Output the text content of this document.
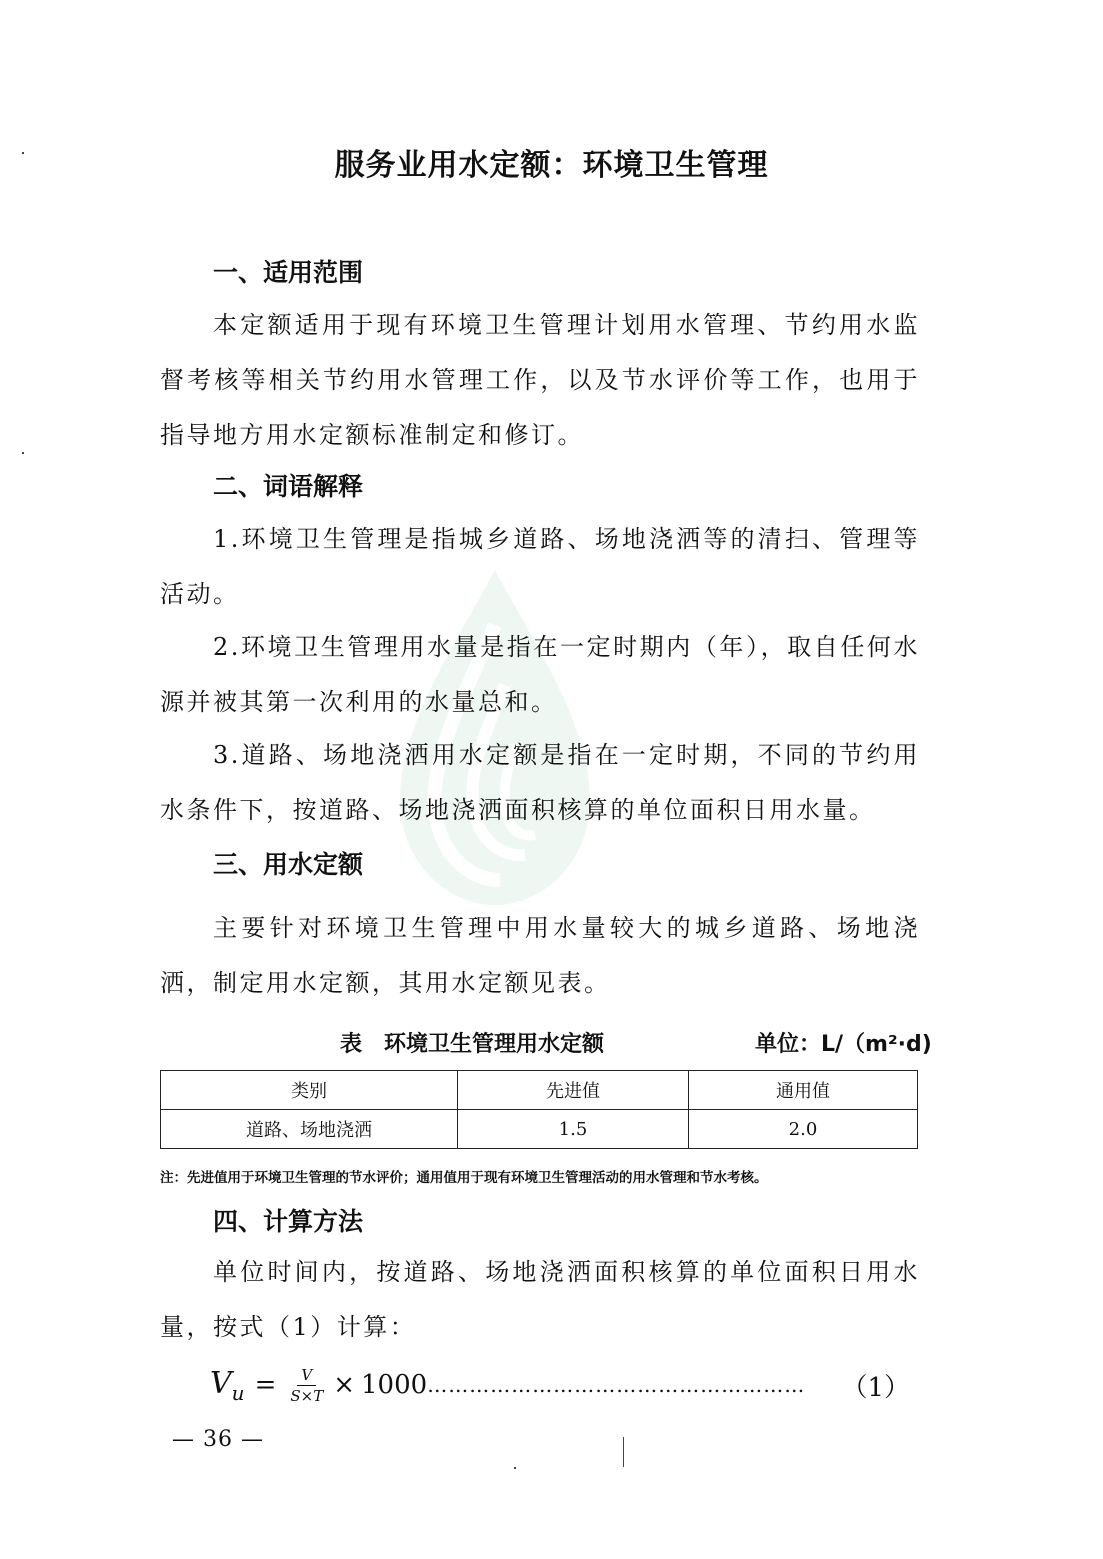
服务业用水定额：环境卫生管理
一、适用范围

本定额适用于现有环境卫生管理计划用水管理、节约用水监督考核等相关节约用水管理工作，以及节水评价等工作，也用于指导地方用水定额标准制定和修订。

二、词语解释

1.环境卫生管理是指城乡道路、场地浇洒等的清扫、管理等活动。

2.环境卫生管理用水量是指在一定时期内（年），取自任何水源并被其第一次利用的水量总和。

3.道路、场地浇洒用水定额是指在一定时期，不同的节约用水条件下，按道路、场地浇洒面积核算的单位面积日用水量。

三、用水定额

主要针对环境卫生管理中用水量较大的城乡道路、场地浇洒，制定用水定额，其用水定额见表。

表 环境卫生管理用水定额	单位：L/（m²·d)

类别	先进值	通用值
道路、场地浇洒	1.5	2.0

注：先进值用于环境卫生管理的节水评价；通用值用于现有环境卫生管理活动的用水管理和节水考核。

四、计算方法

单位时间内，按道路、场地浇洒面积核算的单位面积日用水量，按式（1）计算：

$V_u = \frac{V}{S\times T} \times 1000$ ………………………………………………	（1）

— 36 —
